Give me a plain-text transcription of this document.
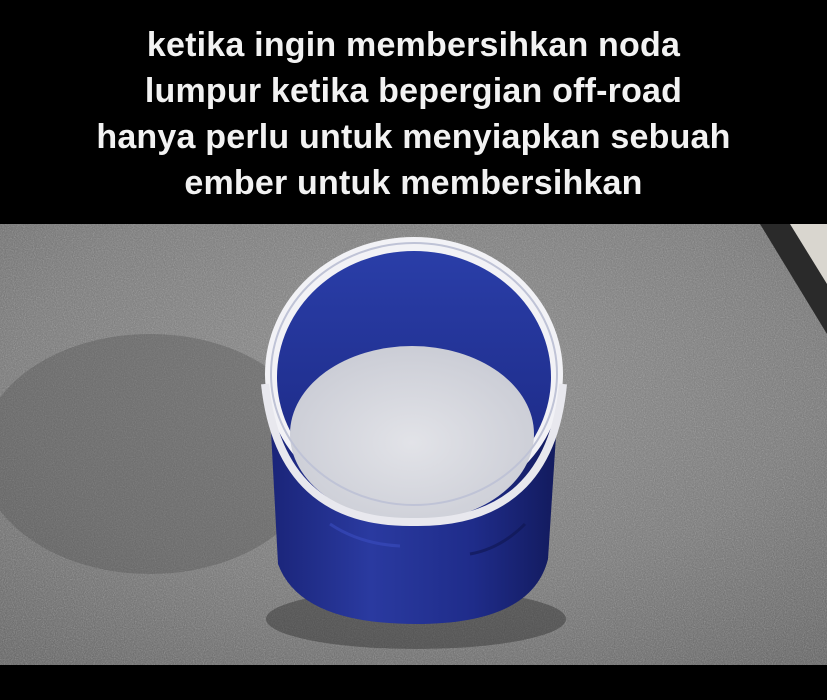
ketika ingin membersihkan noda
lumpur ketika bepergian off-road
hanya perlu untuk menyiapkan sebuah
ember untuk membersihkan
